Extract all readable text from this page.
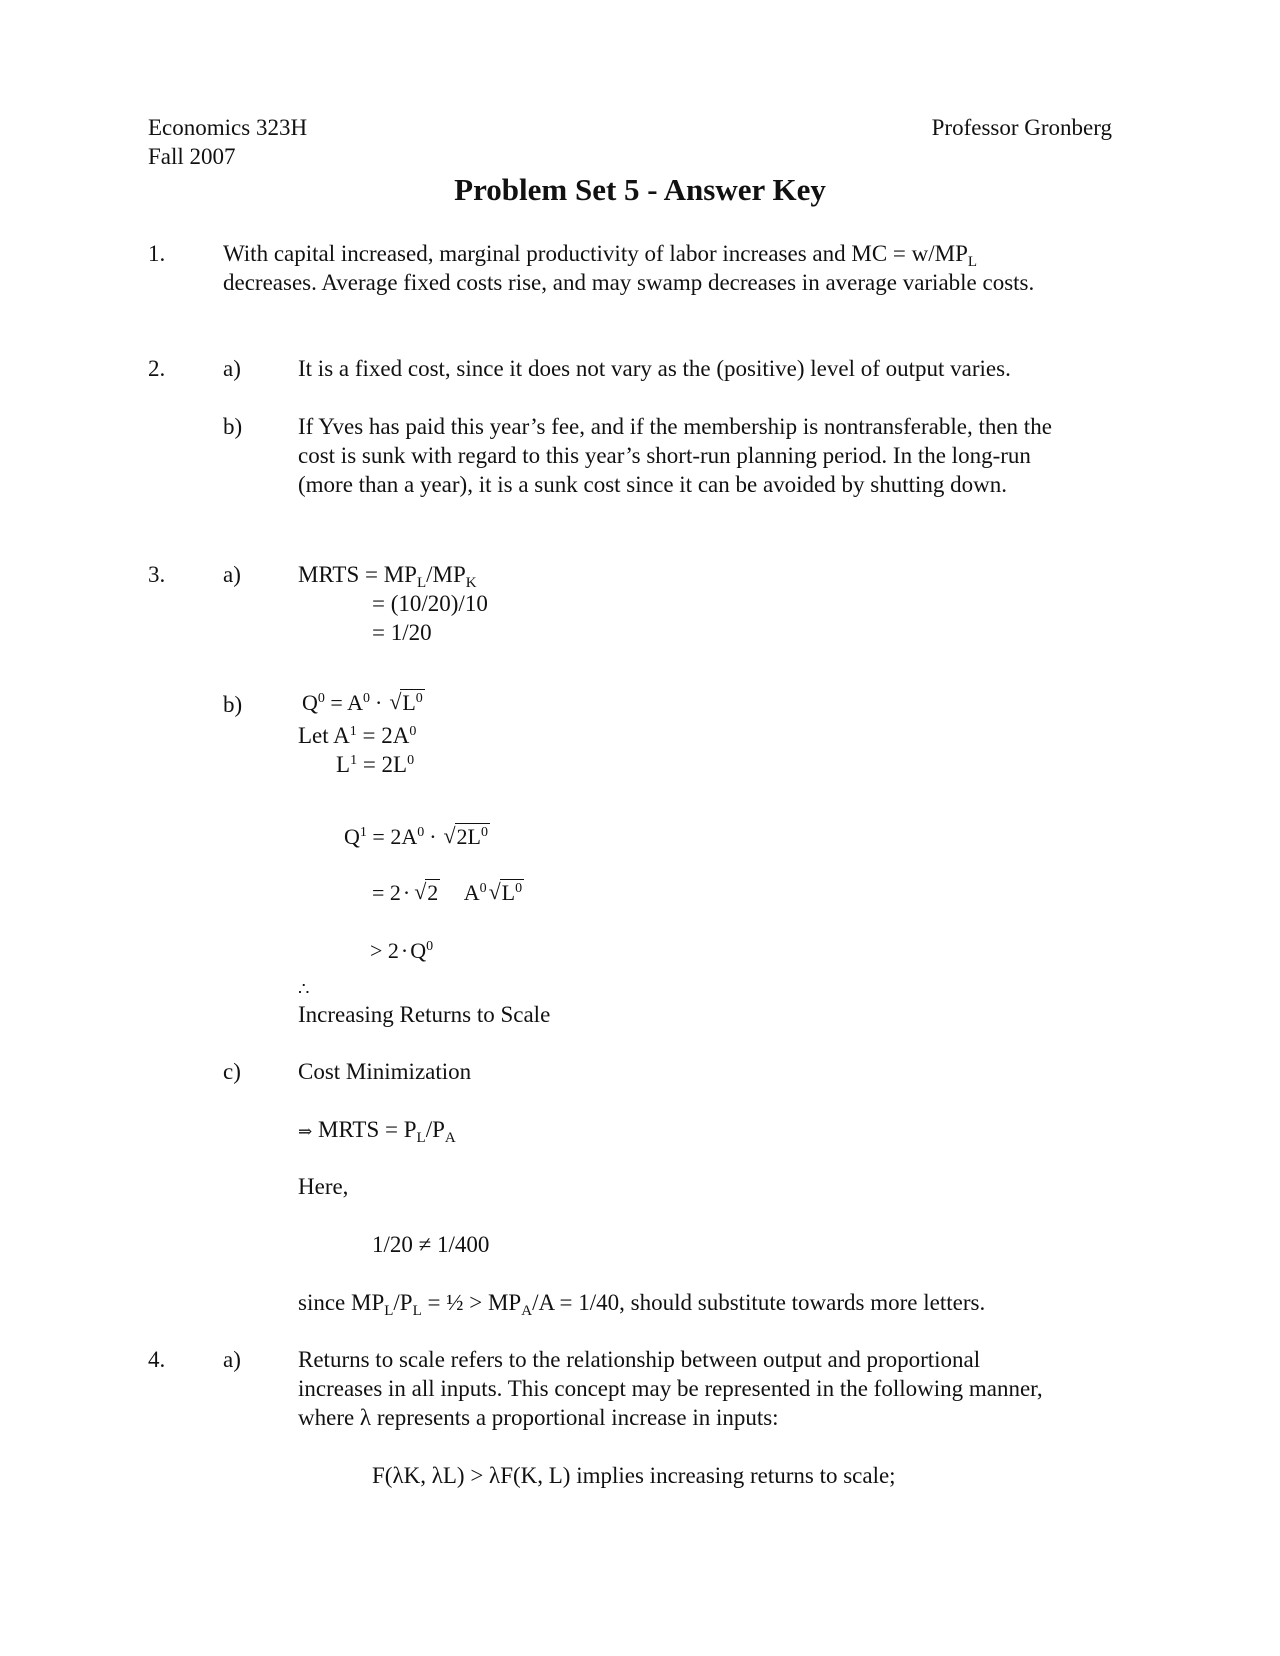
Economics 323H
Fall 2007
Professor Gronberg
Problem Set 5 - Answer Key
1.	With capital increased, marginal productivity of labor increases and MC = $w/MP_L$
decreases. Average fixed costs rise, and may swamp decreases in average variable costs.
2.	a) It is a fixed cost, since it does not vary as the (positive) level of output varies.
b) If Yves has paid this year’s fee, and if the membership is nontransferable, then the
cost is sunk with regard to this year’s short-run planning period. In the long-run
(more than a year), it is a sunk cost since it can be avoided by shutting down.
3.	a) MRTS = $MP_L/MP_K$
= (10/20)/10
= 1/20
b)	$Q^0 = A^0$ · √ $L^0$
Let $A^1 = 2A^0$
$L^1 = 2L^0$
$Q^1 = 2A^0$ · √ $2L^0$
= 2· √ 2 $A^0$ √ $L^0$
> $2\cdot Q^0$
∴
Increasing Returns to Scale
c) Cost Minimization
⇒ MRTS = $P_L/P_A$
Here,
1/20 ≠ 1/400
since $MP_L/P_L$ = ½ > $MP_A/A = 1/40$, should substitute towards more letters.
4.	a) Returns to scale refers to the relationship between output and proportional
increases in all inputs. This concept may be represented in the following manner,
where λ represents a proportional increase in inputs:
F(λK, λL) > λF(K, L) implies increasing returns to scale;
